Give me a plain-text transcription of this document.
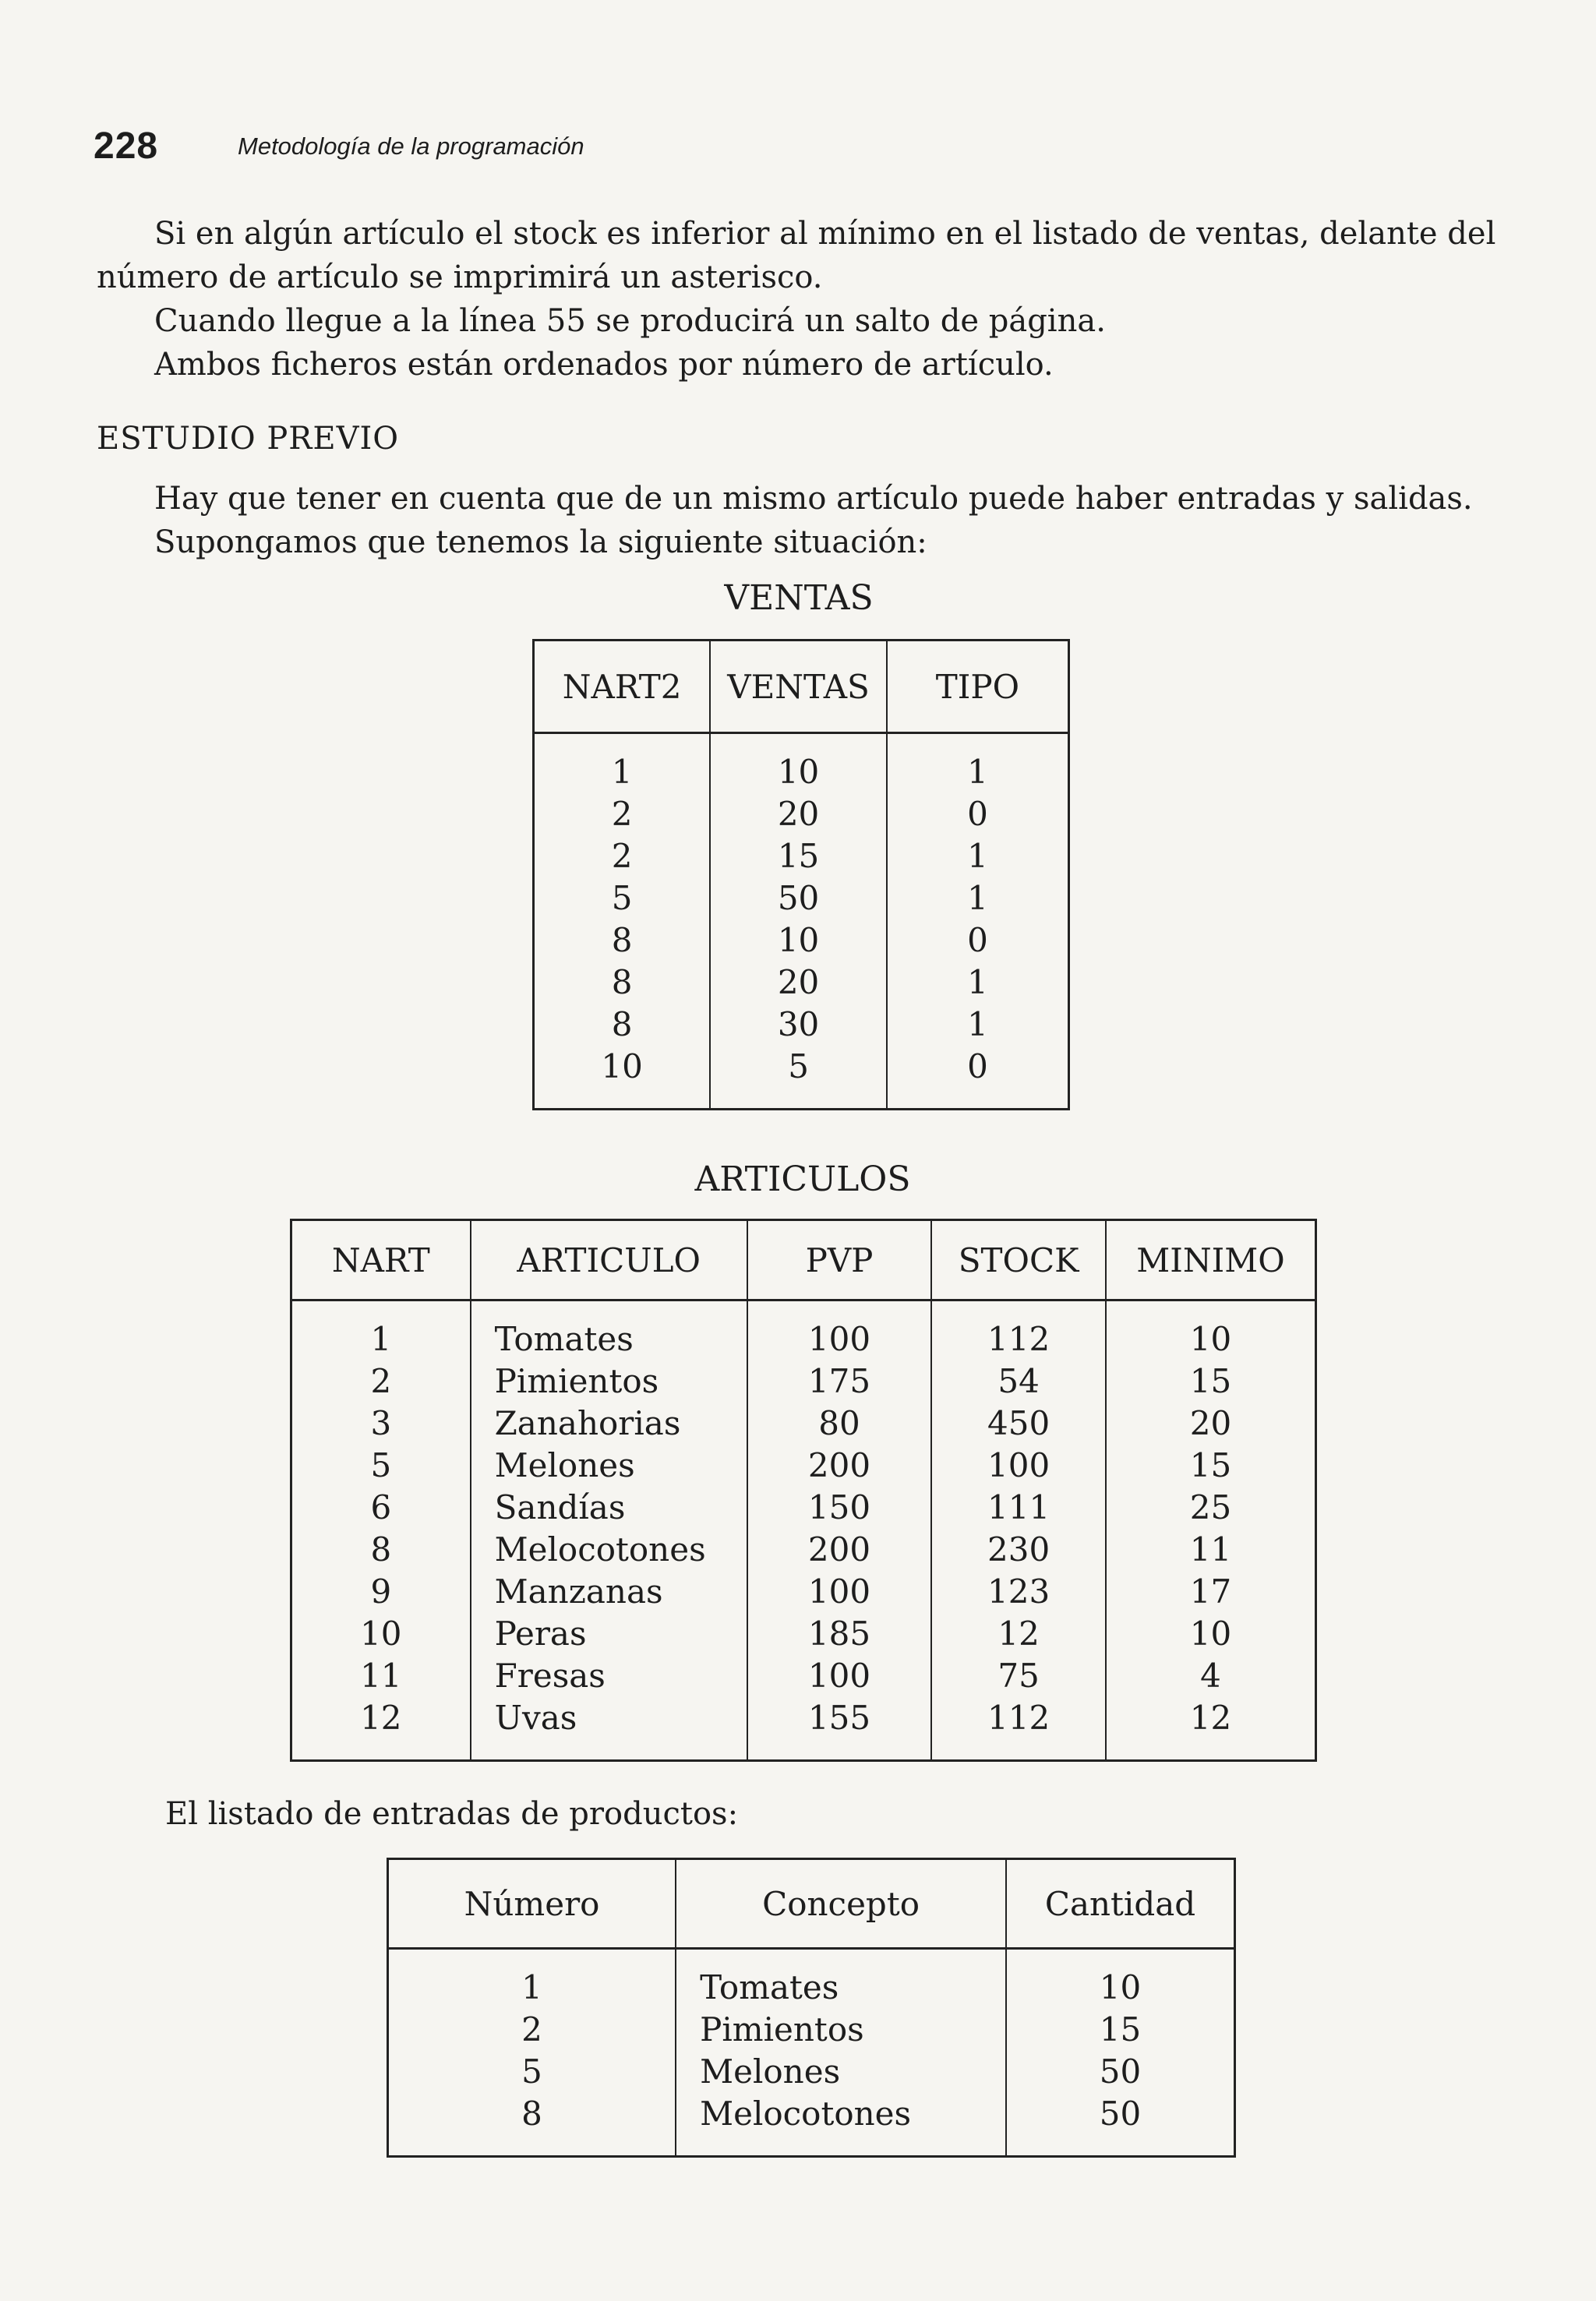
228	Metodología de la programación

Si en algún artículo el stock es inferior al mínimo en el listado de ventas, delante del número de artículo se imprimirá un asterisco.

Cuando llegue a la línea 55 se producirá un salto de página.

Ambos ficheros están ordenados por número de artículo.

ESTUDIO PREVIO

Hay que tener en cuenta que de un mismo artículo puede haber entradas y salidas.

Supongamos que tenemos la siguiente situación:

VENTAS
NART2	VENTAS	TIPO
1	10	1
2	20	0
2	15	1
5	50	1
8	10	0
8	20	1
8	30	1
10	5	0
ARTICULOS
NART	ARTICULO	PVP	STOCK	MINIMO
1	Tomates	100	112	10
2	Pimientos	175	54	15
3	Zanahorias	80	450	20
5	Melones	200	100	15
6	Sandías	150	111	25
8	Melocotones	200	230	11
9	Manzanas	100	123	17
10	Peras	185	12	10
11	Fresas	100	75	4
12	Uvas	155	112	12

El listado de entradas de productos:

Número	Concepto	Cantidad
1	Tomates	10
2	Pimientos	15
5	Melones	50
8	Melocotones	50
